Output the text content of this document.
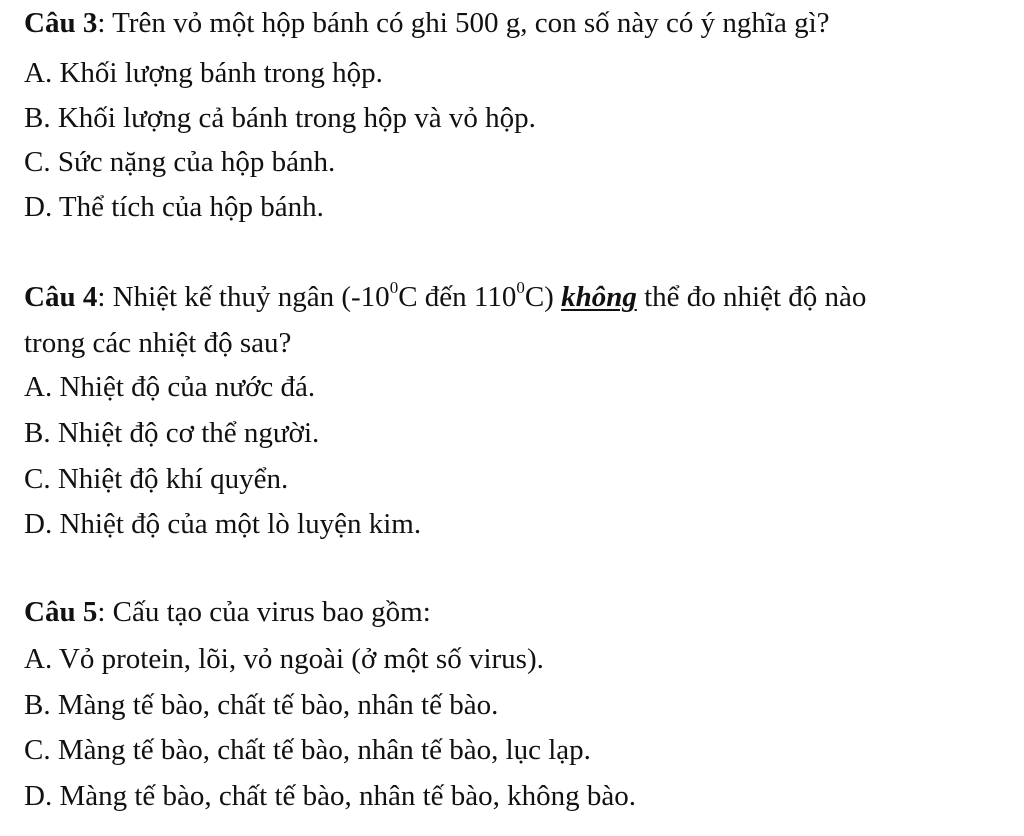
Câu 3: Trên vỏ một hộp bánh có ghi 500 g, con số này có ý nghĩa gì?
A. Khối lượng bánh trong hộp.
B. Khối lượng cả bánh trong hộp và vỏ hộp.
C. Sức nặng của hộp bánh.
D. Thể tích của hộp bánh.
Câu 4: Nhiệt kế thuỷ ngân ($-10^0C$ đến $110^0C$) không thể đo nhiệt độ nào
trong các nhiệt độ sau?
A. Nhiệt độ của nước đá.
B. Nhiệt độ cơ thể người.
C. Nhiệt độ khí quyển.
D. Nhiệt độ của một lò luyện kim.
Câu 5: Cấu tạo của virus bao gồm:
A. Vỏ protein, lõi, vỏ ngoài (ở một số virus).
B. Màng tế bào, chất tế bào, nhân tế bào.
C. Màng tế bào, chất tế bào, nhân tế bào, lục lạp.
D. Màng tế bào, chất tế bào, nhân tế bào, không bào.
